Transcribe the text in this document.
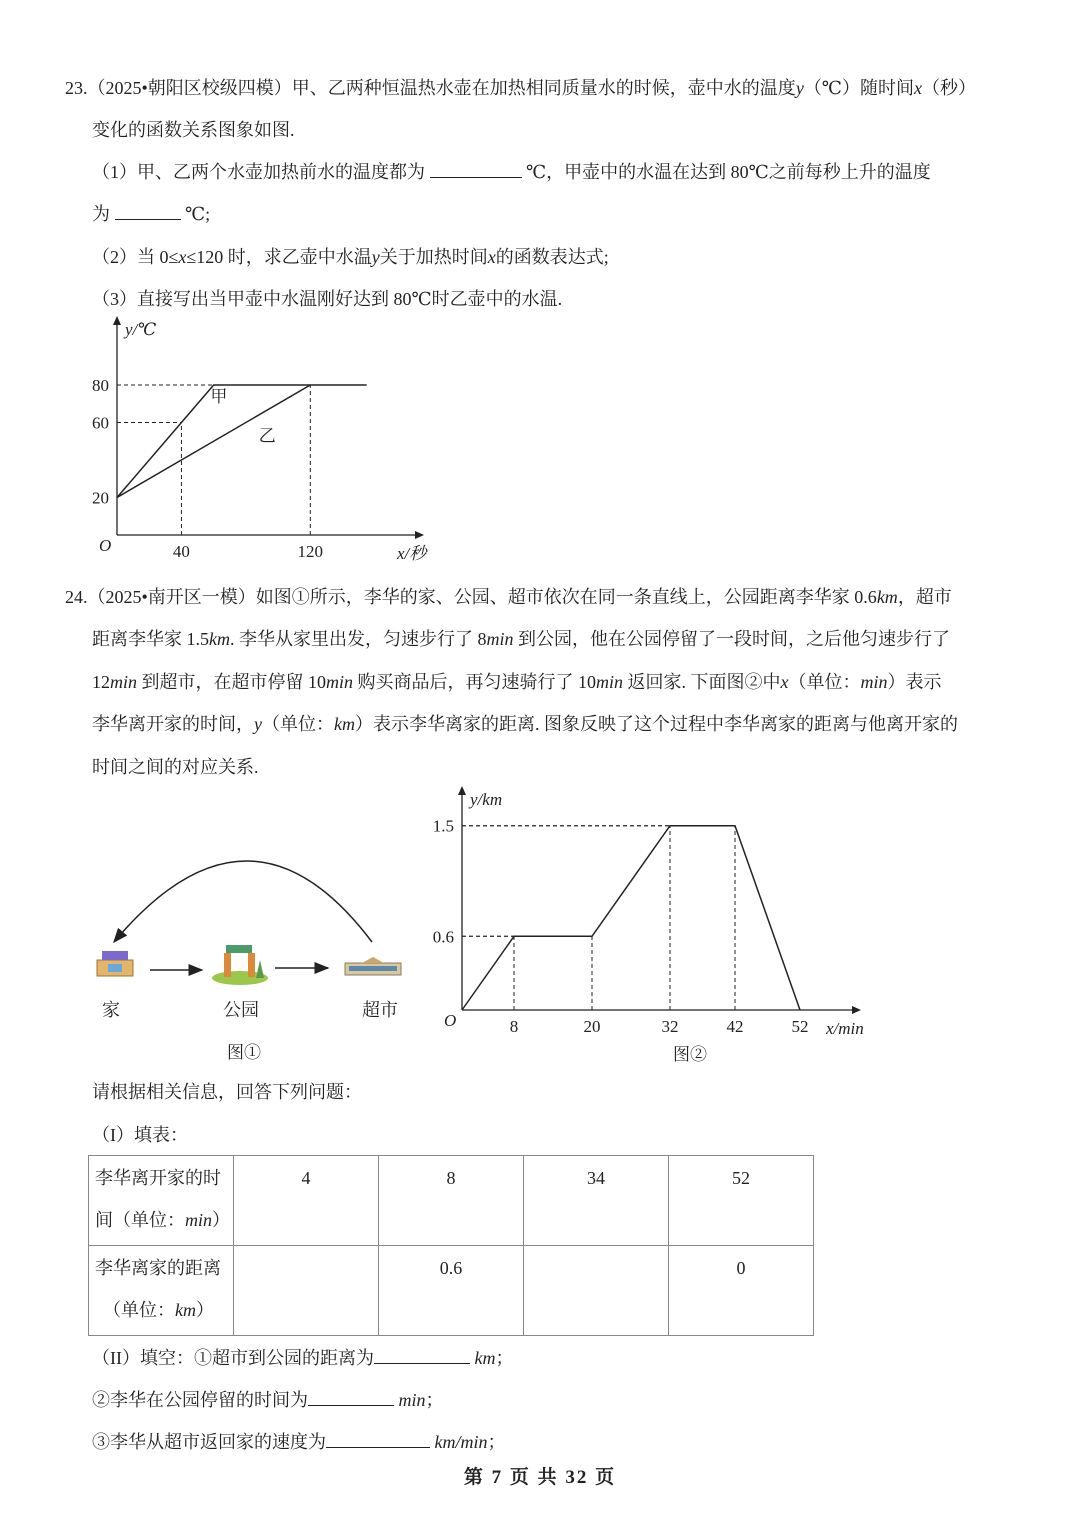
23.（2025•朝阳区校级四模）甲、乙两种恒温热水壶在加热相同质量水的时候，壶中水的温度y（℃）随时间x（秒）
变化的函数关系图象如图.
（1）甲、乙两个水壶加热前水的温度都为	℃，甲壶中的水温在达到 80℃之前每秒上升的温度
为	℃;
（2）当 0≤x≤120 时，求乙壶中水温y关于加热时间x的函数表达式;
（3）直接写出当甲壶中水温刚好达到 80℃时乙壶中的水温.
24.（2025•南开区一模）如图①所示，李华的家、公园、超市依次在同一条直线上，公园距离李华家 0.6km，超市
距离李华家 1.5km. 李华从家里出发，匀速步行了 8min 到公园，他在公园停留了一段时间，之后他匀速步行了
12min 到超市，在超市停留 10min 购买商品后，再匀速骑行了 10min 返回家. 下面图②中x（单位：min）表示
李华离开家的时间，y（单位：km）表示李华离家的距离. 图象反映了这个过程中李华离家的距离与他离开家的
时间之间的对应关系.
家	公园	超市
图①	图②
40	120
20
60
80
O
y/℃
x/秒
甲
乙
8	20	32	42	52
0.6
1.5
O
y/km
x/min
请根据相关信息，回答下列问题：
（I）填表：
李华离开家的时
间（单位：min）	4	8	34	52
李华离家的距离
（单位：km）		0.6		0
（II）填空：①超市到公园的距离为	km；
②李华在公园停留的时间为	min；
③李华从超市返回家的速度为	km/min；
第 7 页 共 32 页
